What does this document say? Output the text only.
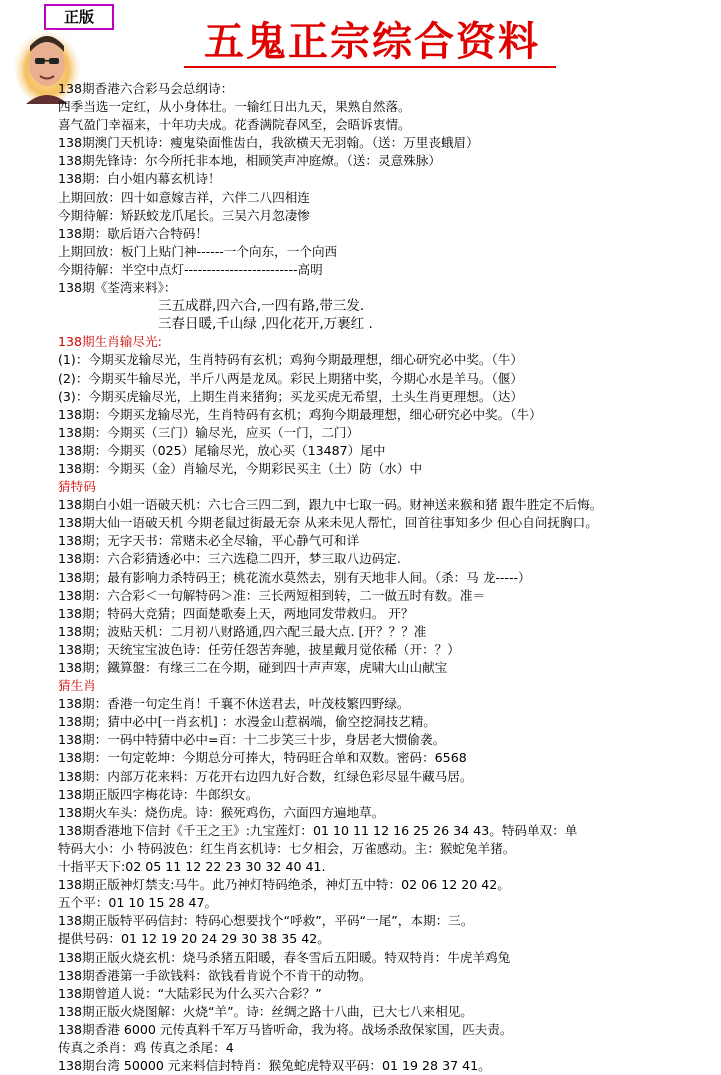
正版
五鬼正宗综合资料
138期香港六合彩马会总纲诗：
四季当选一定红，从小身体壮。一输红日出九天，果熟自然落。
喜气盈门幸福来，十年功夫成。花香满院春风至，会晤诉衷情。
138期澳门天机诗：瘦鬼染面惟齿白，我欲横天无羽翰。（送：万里丧蛾眉）
138期先锋诗：尔今所托非本地，相顾笑声冲庭燎。（送：灵意殊脉）
138期：白小姐内幕玄机诗！
上期回放：四十如意嫁吉祥，六伴二八四相连
今期待解：矫跃蛟龙爪尾长。三吴六月忽凄惨
138期：歇后语六合特码！
上期回放：板门上贴门神------一个向东，一个向西
今期待解：半空中点灯-------------------------高明
138期《荃湾来料》：
三五成群,四六合,一四有路,带三发.
三春日暖,千山绿 ,四化花开,万裹红 .
138期生肖输尽光:
(1)：今期买龙输尽光，生肖特码有玄机；鸡狗今期最理想，细心研究必中奖。（牛）
(2)：今期买牛输尽光，半斤八两是龙凤。彩民上期猪中奖，今期心水是羊马。（偃）
(3)：今期买虎输尽光，上期生肖来猪狗；买龙买虎无希望，土头生肖更理想。（达）
138期：今期买龙输尽光，生肖特码有玄机；鸡狗今期最理想，细心研究必中奖。（牛）
138期：今期买（三门）输尽光，应买（一门，二门）
138期：今期买（025）尾输尽光，放心买（13487）尾中
138期：今期买（金）肖输尽光，今期彩民买主（土）防（水）中
猜特码
138期白小姐一语破天机：六七合三四二到，跟九中七取一码。财神送来猴和猪 跟牛胜定不后悔。
138期大仙一语破天机 今期老鼠过街最无奈 从来未见人帮忙，回首往事知多少 但心自问抚胸口。
138期；无字天书：常赌未必全尽输，平心静气可和详
138期：六合彩猜透必中：三六选稳二四开，梦三取八边码定.
138期；最有影响力杀特码王；桃花流水莫然去，别有天地非人间。（杀：马 龙-----）
138期：六合彩＜一句解特码＞准：三长两短相到转，二一做五时有数。准＝
138期；特码大竞猜；四面楚歌奏上天，两地同发带救归。 开？
138期；波贴天机：二月初八财路通,四六配三最大点. [开？？？准
138期；天统宝宝波色诗：任劳任怨苦奔驰，披星戴月觉依稀（开：？）
138期；鐵算盤：有缘三二在今期，碰到四十声声寒，虎啸大山山献宝
猜生肖
138期：香港一句定生肖！千襄不休送君去，叶茂枝繁四野绿。
138期；猜中必中[一肖玄机] ：水漫金山惹祸端，偷空挖洞技艺精。
138期：一码中特猜中必中=百：十二步笑三十步，身居老大惯偷袭。
138期：一句定乾坤：今期总分可捧大，特码旺合单和双数。密码：6568
138期：内部万花来料：万花开右边四九好合数，红绿色彩尽显牛藏马居。
138期正版四字梅花诗：牛郎织女。
138期火车头：烧伤虎。诗：猴死鸡伤，六面四方遍地草。
138期香港地下信封《千王之王》:九宝莲灯：01 10 11 12 16 25 26 34 43。特码单双：单
特码大小：小 特码波色：红生肖玄机诗：七夕相会，万雀感动。主：猴蛇兔羊猪。
十指平天下:02 05 11 12 22 23 30 32 40 41.
138期正版神灯禁支:马牛。此乃神灯特码绝杀，神灯五中特：02 06 12 20 42。
五个平：01 10 15 28 47。
138期正版特平码信封：特码心想要找个“呼救”，平码“一尾”，本期：三。
提供号码：01 12 19 20 24 29 30 38 35 42。
138期正版火烧玄机：烧马杀猪五阳暖，春冬雪后五阳暖。特双特肖：牛虎羊鸡兔
138期香港第一手欲钱料：欲钱看肯说个不肯干的动物。
138期曾道人说：“大陆彩民为什么买六合彩？”
138期正版火烧图解：火烧“羊”。诗：丝绸之路十八曲，已大七八来相见。
138期香港 6000 元传真料千军万马皆听命，我为将。战场杀敌保家国，匹夫责。
传真之杀肖：鸡 传真之杀尾：4
138期台湾 50000 元来料信封特肖：猴兔蛇虎特双平码：01 19 28 37 41。
